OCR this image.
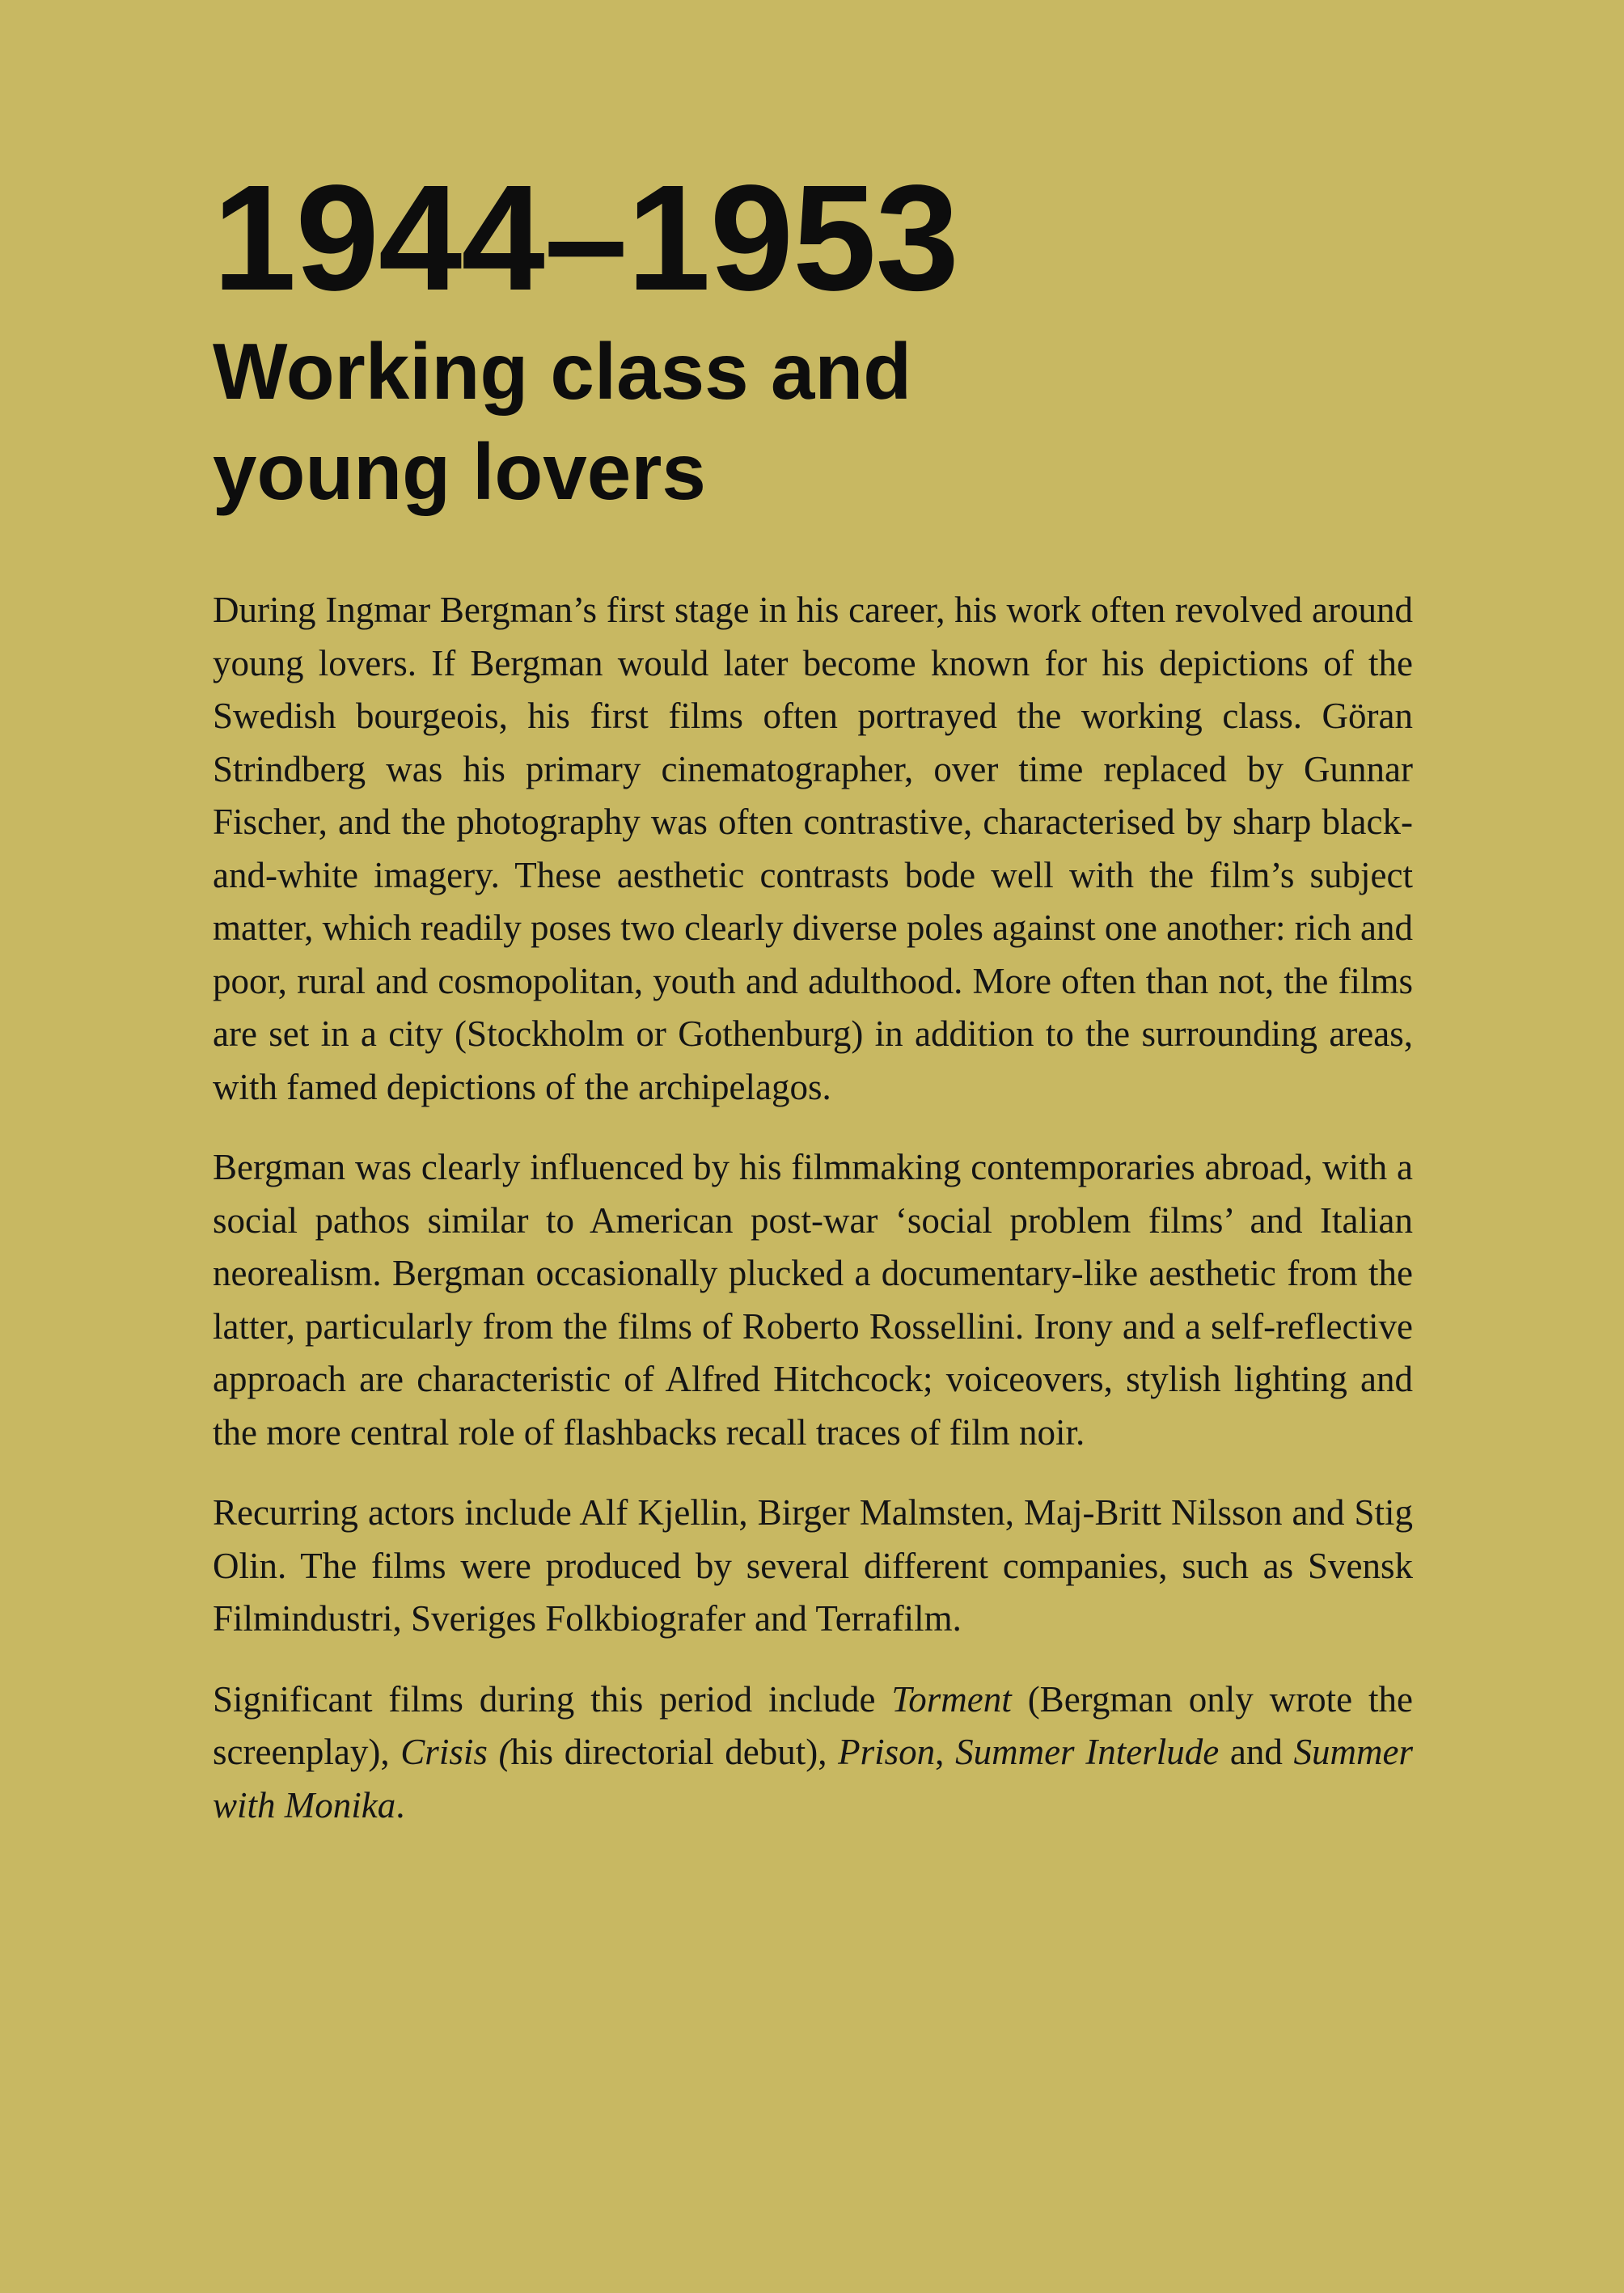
1944–1953
Working class and
young lovers

During Ingmar Bergman’s first stage in his career, his work often revolved around young lovers. If Bergman would later become known for his depictions of the Swedish bourgeois, his first films often portrayed the working class. Göran Strindberg was his primary cinematographer, over time replaced by Gunnar Fischer, and the photography was often contrastive, characterised by sharp black-and-white imagery. These aesthetic contrasts bode well with the film’s subject matter, which readily poses two clearly diverse poles against one another: rich and poor, rural and cosmopolitan, youth and adulthood. More often than not, the films are set in a city (Stockholm or Gothenburg) in addition to the surrounding areas, with famed depictions of the archipelagos.

Bergman was clearly influenced by his filmmaking contemporaries abroad, with a social pathos similar to American post-war ‘social problem films’ and Italian neorealism. Bergman occasionally plucked a documentary-like aesthetic from the latter, particularly from the films of Roberto Rossellini. Irony and a self-reflective approach are characteristic of Alfred Hitchcock; voiceovers, stylish lighting and the more central role of flashbacks recall traces of film noir.

Recurring actors include Alf Kjellin, Birger Malmsten, Maj-Britt Nilsson and Stig Olin. The films were produced by several different companies, such as Svensk Filmindustri, Sveriges Folkbiografer and Terrafilm.

Significant films during this period include Torment (Bergman only wrote the screenplay), Crisis (his directorial debut), Prison, Summer Interlude and Summer with Monika.
